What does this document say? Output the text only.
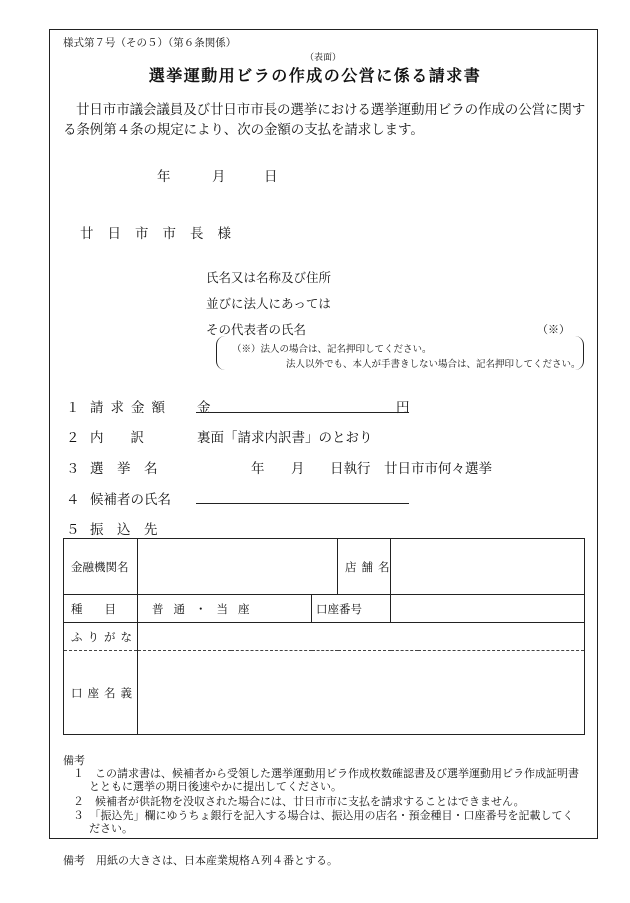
様式第７号（その５）（第６条関係）
（表面）
選挙運動用ビラの作成の公営に係る請求書
廿日市市議会議員及び廿日市市長の選挙における選挙運動用ビラの作成の公営に関する条例第４条の規定により、次の金額の支払を請求します。
年	月	日
廿日市市長様
氏名又は名称及び住所
並びに法人にあっては
その代表者の氏名	（※）
（※）法人の場合は、記名押印してください。
法人以外でも、本人が手書きしない場合は、記名押印してください。
１ 請求金額 金	円
２ 内　　訳	裏面「請求内訳書」のとおり
３ 選　挙　名	年 月 日執行　廿日市市何々選挙
４ 候補者の氏名
５ 振　込　先
金融機関名			店舗名	
種目	普通・当座	口座番号		
ふりがな				
口座名義				
備考
１　この請求書は、候補者から受領した選挙運動用ビラ作成枚数確認書及び選挙運動用ビラ作成証明書とともに選挙の期日後速やかに提出してください。
２　候補者が供託物を没収された場合には、廿日市市に支払を請求することはできません。
３　「振込先」欄にゆうちょ銀行を記入する場合は、振込用の店名・預金種目・口座番号を記載してください。
備考　用紙の大きさは、日本産業規格Ａ列４番とする。
